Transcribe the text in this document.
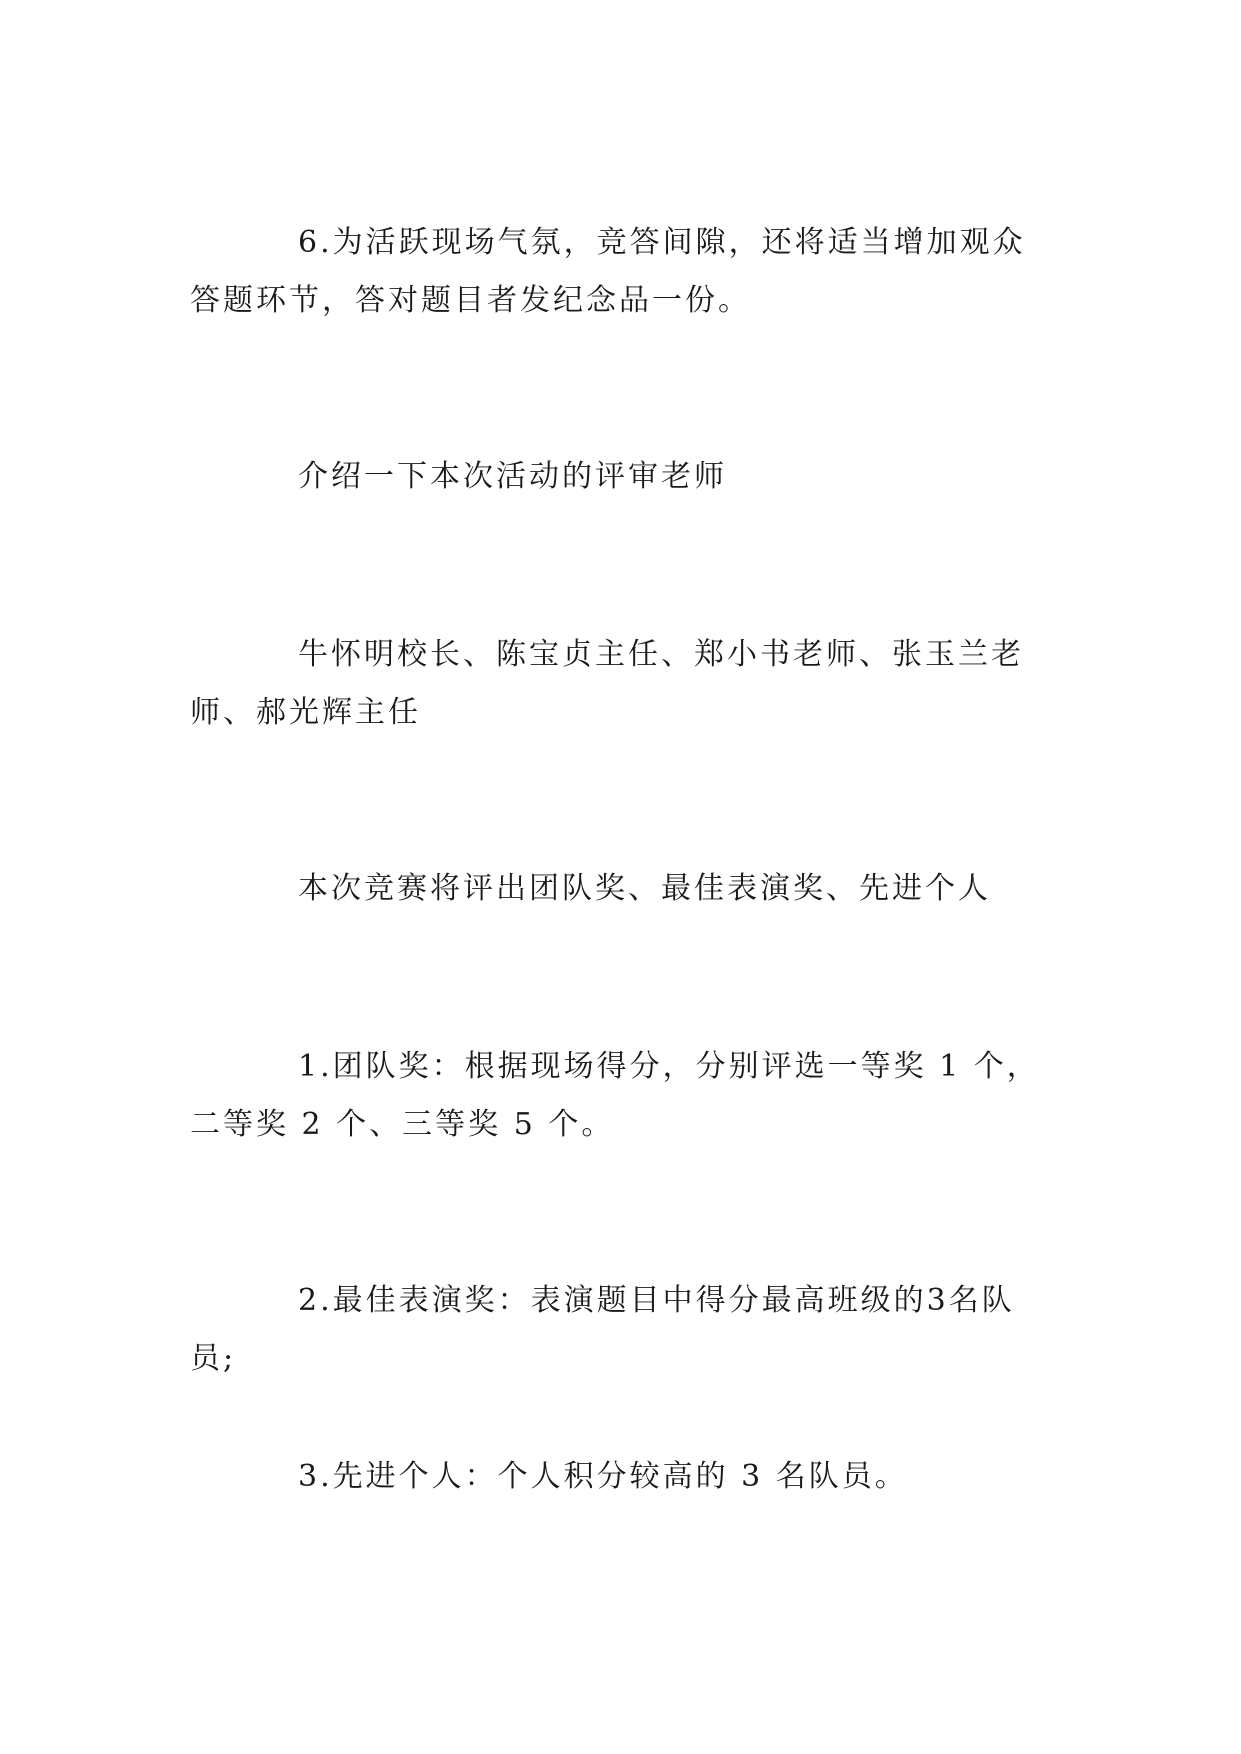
6.为活跃现场气氛，竞答间隙，还将适当增加观众答题环节，答对题目者发纪念品一份。

介绍一下本次活动的评审老师

牛怀明校长、陈宝贞主任、郑小书老师、张玉兰老师、郝光辉主任

本次竞赛将评出团队奖、最佳表演奖、先进个人

1.团队奖：根据现场得分，分别评选一等奖 1 个，二等奖 2 个、三等奖 5 个。

2.最佳表演奖：表演题目中得分最高班级的3名队员;

3.先进个人：个人积分较高的 3 名队员。
